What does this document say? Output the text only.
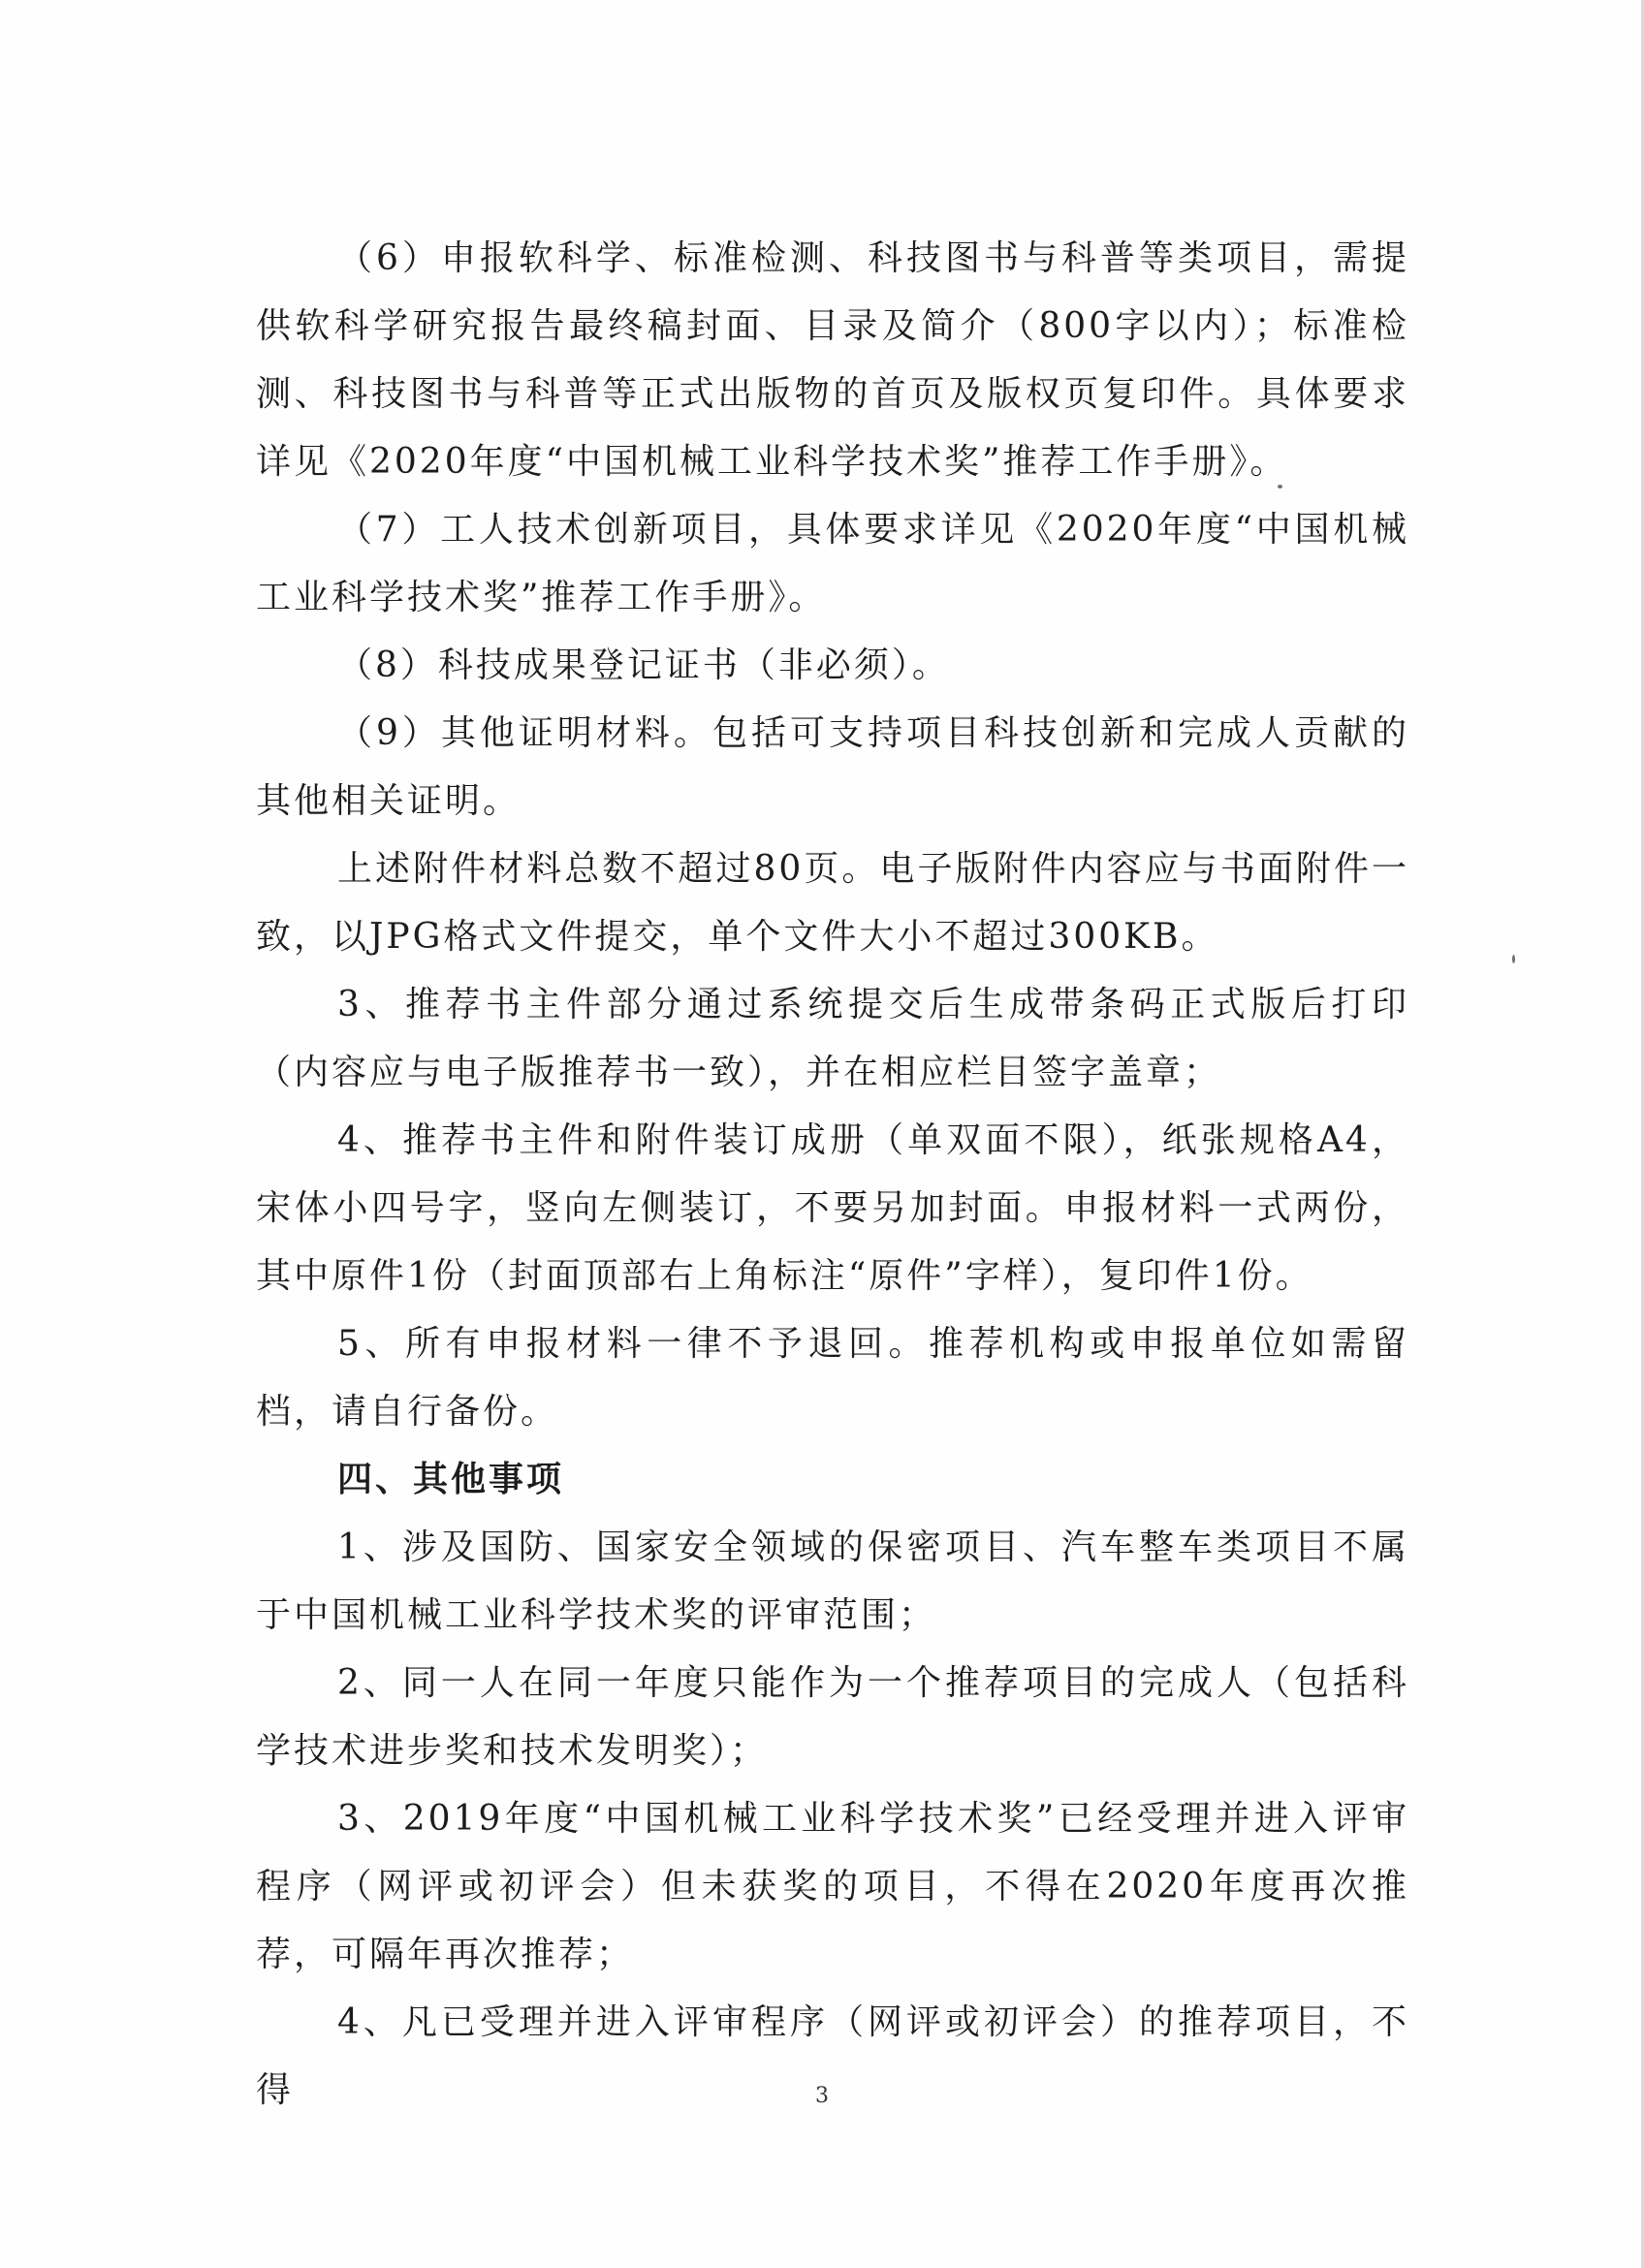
（6）申报软科学、标准检测、科技图书与科普等类项目，需提供软科学研究报告最终稿封面、目录及简介（800字以内）；标准检测、科技图书与科普等正式出版物的首页及版权页复印件。具体要求详见《2020年度“中国机械工业科学技术奖”推荐工作手册》。

（7）工人技术创新项目，具体要求详见《2020年度“中国机械工业科学技术奖”推荐工作手册》。

（8）科技成果登记证书（非必须）。

（9）其他证明材料。包括可支持项目科技创新和完成人贡献的其他相关证明。

上述附件材料总数不超过80页。电子版附件内容应与书面附件一致，以JPG格式文件提交，单个文件大小不超过300KB。

3、推荐书主件部分通过系统提交后生成带条码正式版后打印（内容应与电子版推荐书一致），并在相应栏目签字盖章；

4、推荐书主件和附件装订成册（单双面不限），纸张规格A4，宋体小四号字，竖向左侧装订，不要另加封面。申报材料一式两份，其中原件1份（封面顶部右上角标注“原件”字样），复印件1份。

5、所有申报材料一律不予退回。推荐机构或申报单位如需留档，请自行备份。

四、其他事项

1、涉及国防、国家安全领域的保密项目、汽车整车类项目不属于中国机械工业科学技术奖的评审范围；

2、同一人在同一年度只能作为一个推荐项目的完成人（包括科学技术进步奖和技术发明奖）；

3、2019年度“中国机械工业科学技术奖”已经受理并进入评审程序（网评或初评会）但未获奖的项目，不得在2020年度再次推荐，可隔年再次推荐；

4、凡已受理并进入评审程序（网评或初评会）的推荐项目，不得	3
